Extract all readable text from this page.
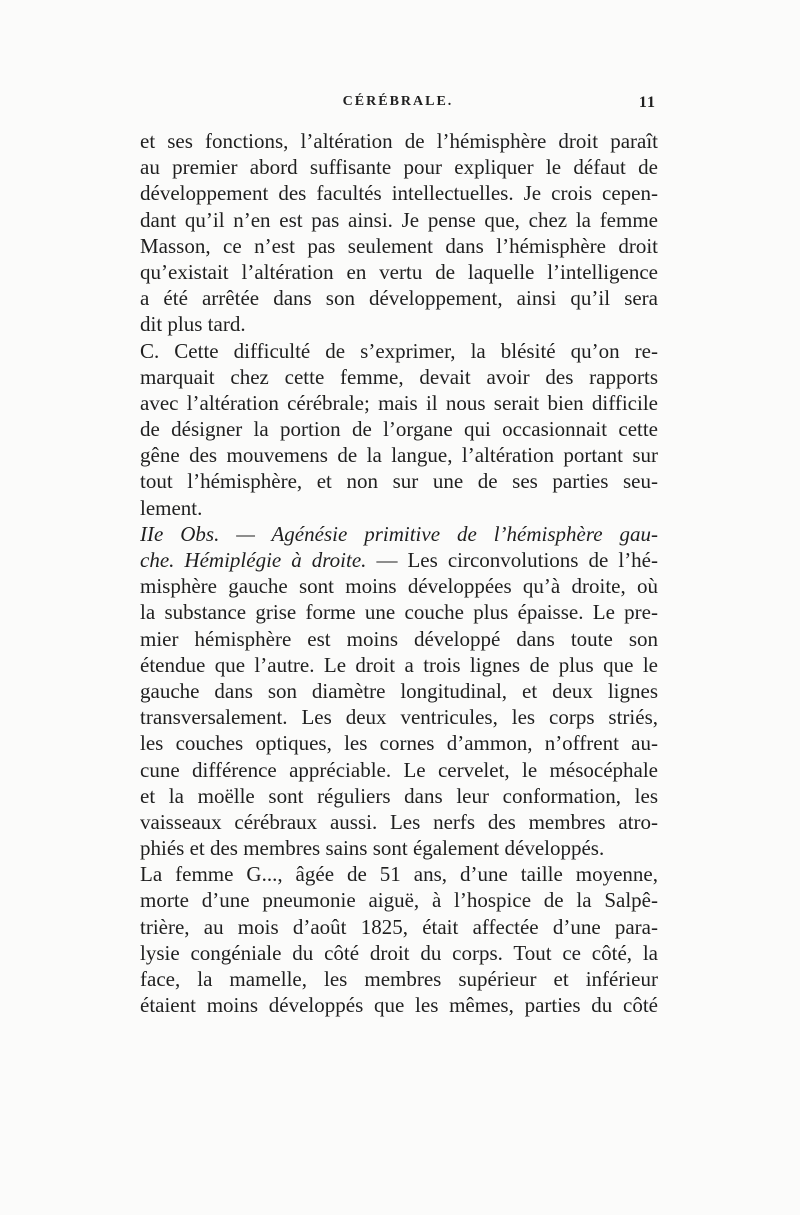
CÉRÉBRALE.	11
et ses fonctions, l’altération de l’hémisphère droit paraît
au premier abord suffisante pour expliquer le défaut de
développement des facultés intellectuelles. Je crois cepen-
dant qu’il n’en est pas ainsi. Je pense que, chez la femme
Masson, ce n’est pas seulement dans l’hémisphère droit
qu’existait l’altération en vertu de laquelle l’intelligence
a été arrêtée dans son développement, ainsi qu’il sera
dit plus tard.
C. Cette difficulté de s’exprimer, la blésité qu’on re-
marquait chez cette femme, devait avoir des rapports
avec l’altération cérébrale; mais il nous serait bien difficile
de désigner la portion de l’organe qui occasionnait cette
gêne des mouvemens de la langue, l’altération portant sur
tout l’hémisphère, et non sur une de ses parties seu-
lement.
IIe Obs. — Agénésie primitive de l’hémisphère gau-
che. Hémiplégie à droite. — Les circonvolutions de l’hé-
misphère gauche sont moins développées qu’à droite, où
la substance grise forme une couche plus épaisse. Le pre-
mier hémisphère est moins développé dans toute son
étendue que l’autre. Le droit a trois lignes de plus que le
gauche dans son diamètre longitudinal, et deux lignes
transversalement. Les deux ventricules, les corps striés,
les couches optiques, les cornes d’ammon, n’offrent au-
cune différence appréciable. Le cervelet, le mésocéphale
et la moëlle sont réguliers dans leur conformation, les
vaisseaux cérébraux aussi. Les nerfs des membres atro-
phiés et des membres sains sont également développés.
La femme G..., âgée de 51 ans, d’une taille moyenne,
morte d’une pneumonie aiguë, à l’hospice de la Salpê-
trière, au mois d’août 1825, était affectée d’une para-
lysie congéniale du côté droit du corps. Tout ce côté, la
face, la mamelle, les membres supérieur et inférieur
étaient moins développés que les mêmes, parties du côté
